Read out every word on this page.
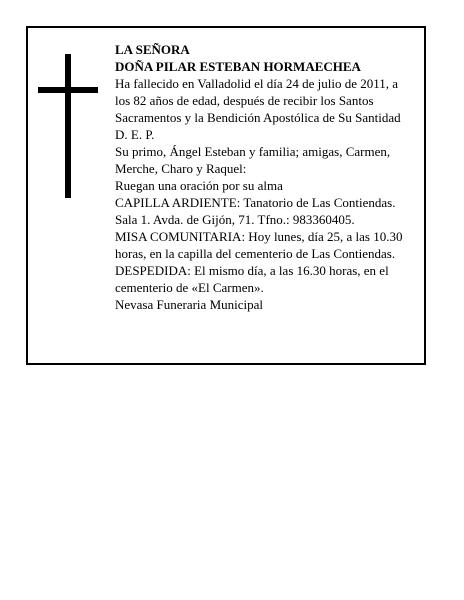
LA SEÑORA

DOÑA PILAR ESTEBAN HORMAECHEA

Ha fallecido en Valladolid el día 24 de julio de 2011, a los 82 años de edad, después de recibir los Santos Sacramentos y la Bendición Apostólica de Su Santidad D. E. P.

Su primo, Ángel Esteban y familia; amigas, Carmen, Merche, Charo y Raquel:

Ruegan una oración por su alma

CAPILLA ARDIENTE: Tanatorio de Las Contiendas. Sala 1. Avda. de Gijón, 71. Tfno.: 983360405.

MISA COMUNITARIA: Hoy lunes, día 25, a las 10.30 horas, en la capilla del cementerio de Las Contiendas.

DESPEDIDA: El mismo día, a las 16.30 horas, en el cementerio de «El Carmen».

Nevasa Funeraria Municipal
